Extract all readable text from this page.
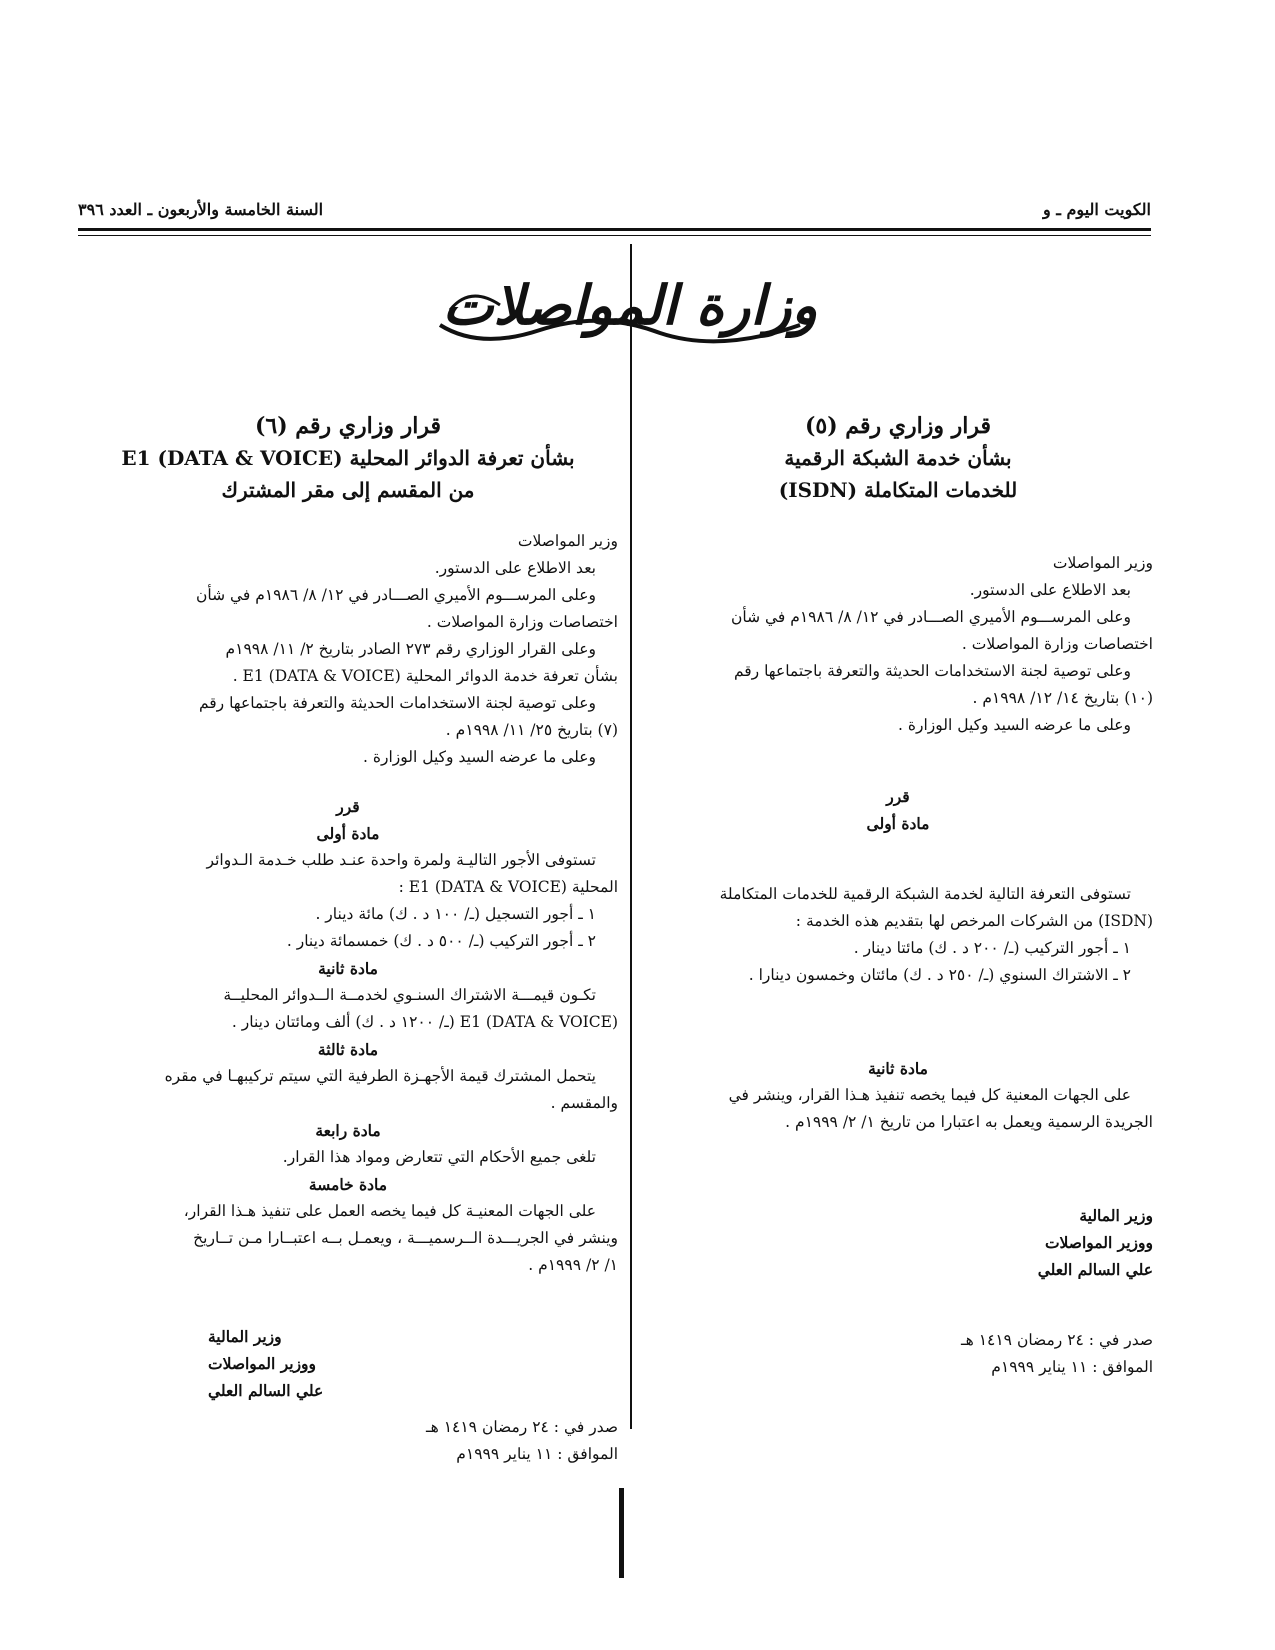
الكويت اليوم ـ و
السنة الخامسة والأربعون ـ العدد ٣٩٦
وزارة المواصلات
قرار وزاري رقم (٥)
بشأن خدمة الشبكة الرقمية
للخدمات المتكاملة (ISDN)
وزير المواصلات
بعد الاطلاع على الدستور.
وعلى المرســـوم الأميري الصـــادر في ١٢/ ٨/ ١٩٨٦م في شأن
اختصاصات وزارة المواصلات .
وعلى توصية لجنة الاستخدامات الحديثة والتعرفة باجتماعها رقم
(١٠) بتاريخ ١٤/ ١٢/ ١٩٩٨م .
وعلى ما عرضه السيد وكيل الوزارة .
قرر
مادة أولى
تستوفى التعرفة التالية لخدمة الشبكة الرقمية للخدمات المتكاملة
(ISDN) من الشركات المرخص لها بتقديم هذه الخدمة :
١ ـ أجور التركيب (ـ/ ٢٠٠ د . ك) مائتا دينار .
٢ ـ الاشتراك السنوي (ـ/ ٢٥٠ د . ك) مائتان وخمسون دينارا .
مادة ثانية
على الجهات المعنية كل فيما يخصه تنفيذ هـذا القرار، وينشر في
الجريدة الرسمية ويعمل به اعتبارا من تاريخ ١/ ٢/ ١٩٩٩م .
وزير المالية
ووزير المواصلات
علي السالم العلي
صدر في : ٢٤ رمضان ١٤١٩ هـ
الموافق : ١١ يناير ١٩٩٩م
قرار وزاري رقم (٦)
بشأن تعرفة الدوائر المحلية E1 (DATA & VOICE)
من المقسم إلى مقر المشترك
وزير المواصلات
بعد الاطلاع على الدستور.
وعلى المرســـوم الأميري الصـــادر في ١٢/ ٨/ ١٩٨٦م في شأن
اختصاصات وزارة المواصلات .
وعلى القرار الوزاري رقم ٢٧٣ الصادر بتاريخ ٢/ ١١/ ١٩٩٨م
بشأن تعرفة خدمة الدوائر المحلية E1 (DATA & VOICE) .
وعلى توصية لجنة الاستخدامات الحديثة والتعرفة باجتماعها رقم
(٧) بتاريخ ٢٥/ ١١/ ١٩٩٨م .
وعلى ما عرضه السيد وكيل الوزارة .
قرر
مادة أولى
تستوفى الأجور التاليـة ولمرة واحدة عنـد طلب خـدمة الـدوائر
المحلية E1 (DATA & VOICE) :
١ ـ أجور التسجيل (ـ/ ١٠٠ د . ك) مائة دينار .
٢ ـ أجور التركيب (ـ/ ٥٠٠ د . ك) خمسمائة دينار .
مادة ثانية
تكـون قيمـــة الاشتراك السنـوي لخدمــة الــدوائر المحليــة
E1 (DATA & VOICE) (ـ/ ١٢٠٠ د . ك) ألف ومائتان دينار .
مادة ثالثة
يتحمل المشترك قيمة الأجهـزة الطرفية التي سيتم تركيبهـا في مقره
والمقسم .
مادة رابعة
تلغى جميع الأحكام التي تتعارض ومواد هذا القرار.
مادة خامسة
على الجهات المعنيـة كل فيما يخصه العمل على تنفيذ هـذا القرار،
وينشر في الجريـــدة الــرسميـــة ، ويعمـل بــه اعتبــارا مـن تــاريخ
١/ ٢/ ١٩٩٩م .
وزير المالية
ووزير المواصلات
علي السالم العلي
صدر في : ٢٤ رمضان ١٤١٩ هـ
الموافق : ١١ يناير ١٩٩٩م
